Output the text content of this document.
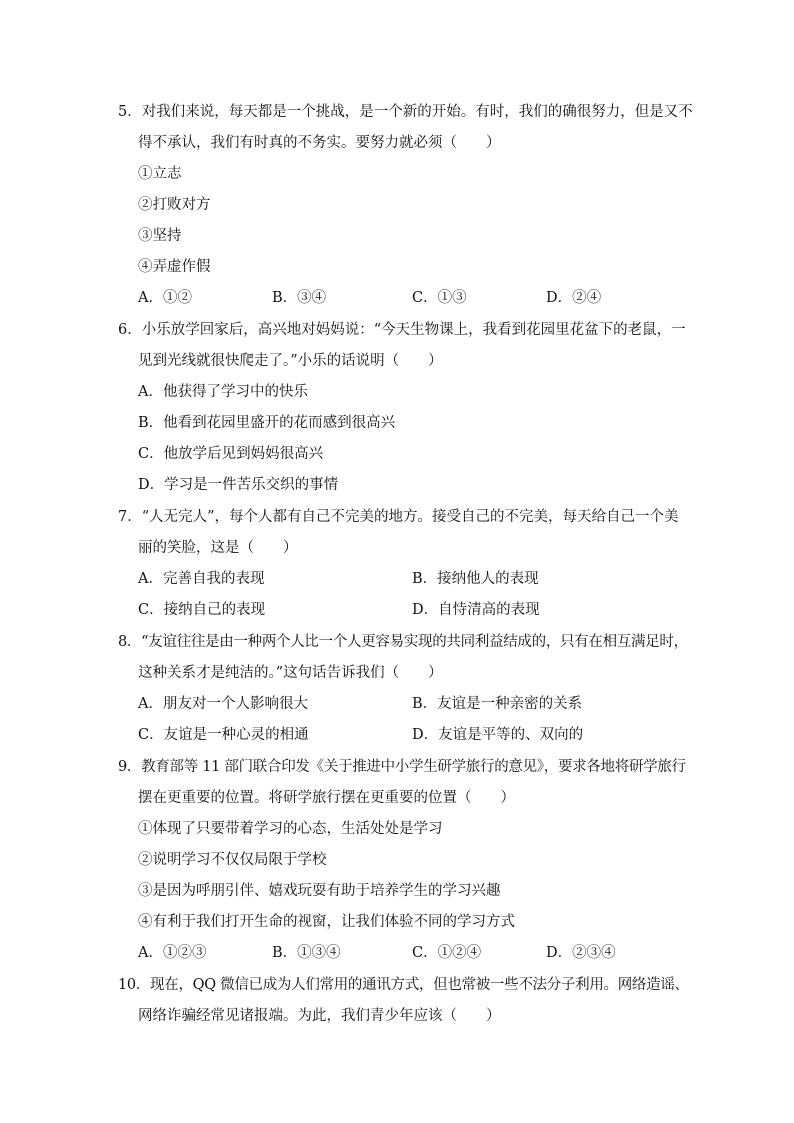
5．对我们来说，每天都是一个挑战，是一个新的开始。有时，我们的确很努力，但是又不
得不承认，我们有时真的不务实。要努力就必须（　　）
①立志
②打败对方
③坚持
④弄虚作假
A．①②	B．③④	C．①③	D．②④
6．小乐放学回家后，高兴地对妈妈说：“今天生物课上，我看到花园里花盆下的老鼠，一
见到光线就很快爬走了。”小乐的话说明（　　）
A．他获得了学习中的快乐
B．他看到花园里盛开的花而感到很高兴
C．他放学后见到妈妈很高兴
D．学习是一件苦乐交织的事情
7．“人无完人”，每个人都有自己不完美的地方。接受自己的不完美，每天给自己一个美
丽的笑脸，这是（　　）
A．完善自我的表现	B．接纳他人的表现
C．接纳自己的表现	D．自恃清高的表现
8．“友谊往往是由一种两个人比一个人更容易实现的共同利益结成的，只有在相互满足时，
这种关系才是纯洁的。”这句话告诉我们（　　）
A．朋友对一个人影响很大	B．友谊是一种亲密的关系
C．友谊是一种心灵的相通	D．友谊是平等的、双向的
9．教育部等 11 部门联合印发《关于推进中小学生研学旅行的意见》，要求各地将研学旅行
摆在更重要的位置。将研学旅行摆在更重要的位置（　　）
①体现了只要带着学习的心态，生活处处是学习
②说明学习不仅仅局限于学校
③是因为呼朋引伴、嬉戏玩耍有助于培养学生的学习兴趣
④有利于我们打开生命的视窗，让我们体验不同的学习方式
A．①②③	B．①③④	C．①②④	D．②③④
10．现在，QQ 微信已成为人们常用的通讯方式，但也常被一些不法分子利用。网络造谣、
网络诈骗经常见诸报端。为此，我们青少年应该（　　）
